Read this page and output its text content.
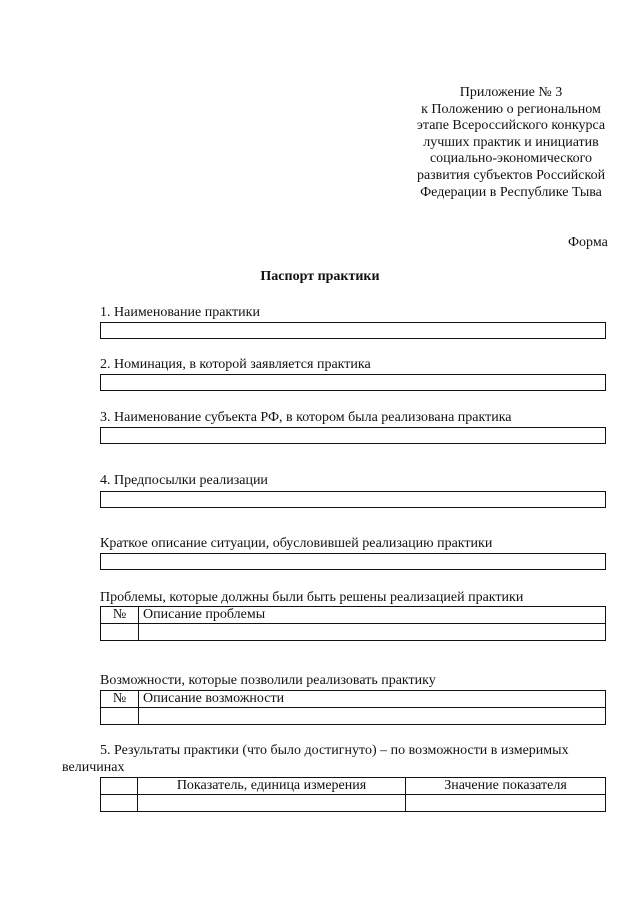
Приложение № 3
к Положению о региональном
этапе Всероссийского конкурса
лучших практик и инициатив
социально-экономического
развития субъектов Российской
Федерации в Республике Тыва
Форма
Паспорт практики
1. Наименование практики
2. Номинация, в которой заявляется практика
3. Наименование субъекта РФ, в котором была реализована практика
4. Предпосылки реализации
Краткое описание ситуации, обусловившей реализацию практики
Проблемы, которые должны были быть решены реализацией практики
№	Описание проблемы

Возможности, которые позволили реализовать практику
№	Описание возможности

5. Результаты практики (что было достигнуто) – по возможности в измеримых
величинах
	Показатель, единица измерения	Значение показателя
